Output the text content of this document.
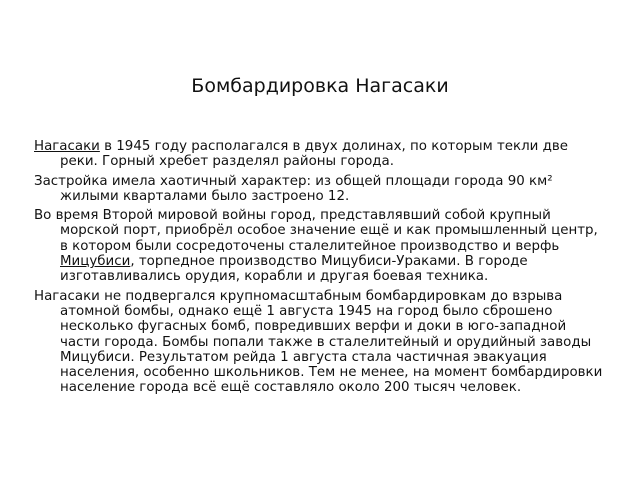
Бомбардировка Нагасаки

Нагасаки в 1945 году располагался в двух долинах, по которым текли две реки. Горный хребет разделял районы города.

Застройка имела хаотичный характер: из общей площади города 90 км² жилыми кварталами было застроено 12.

Во время Второй мировой войны город, представлявший собой крупный морской порт, приобрёл особое значение ещё и как промышленный центр, в котором были сосредоточены сталелитейное производство и верфь Мицубиси, торпедное производство Мицубиси-Ураками. В городе изготавливались орудия, корабли и другая боевая техника.

Нагасаки не подвергался крупномасштабным бомбардировкам до взрыва атомной бомбы, однако ещё 1 августа 1945 на город было сброшено несколько фугасных бомб, повредивших верфи и доки в юго-западной части города. Бомбы попали также в сталелитейный и орудийный заводы Мицубиси. Результатом рейда 1 августа стала частичная эвакуация населения, особенно школьников. Тем не менее, на момент бомбардировки население города всё ещё составляло около 200 тысяч человек.
